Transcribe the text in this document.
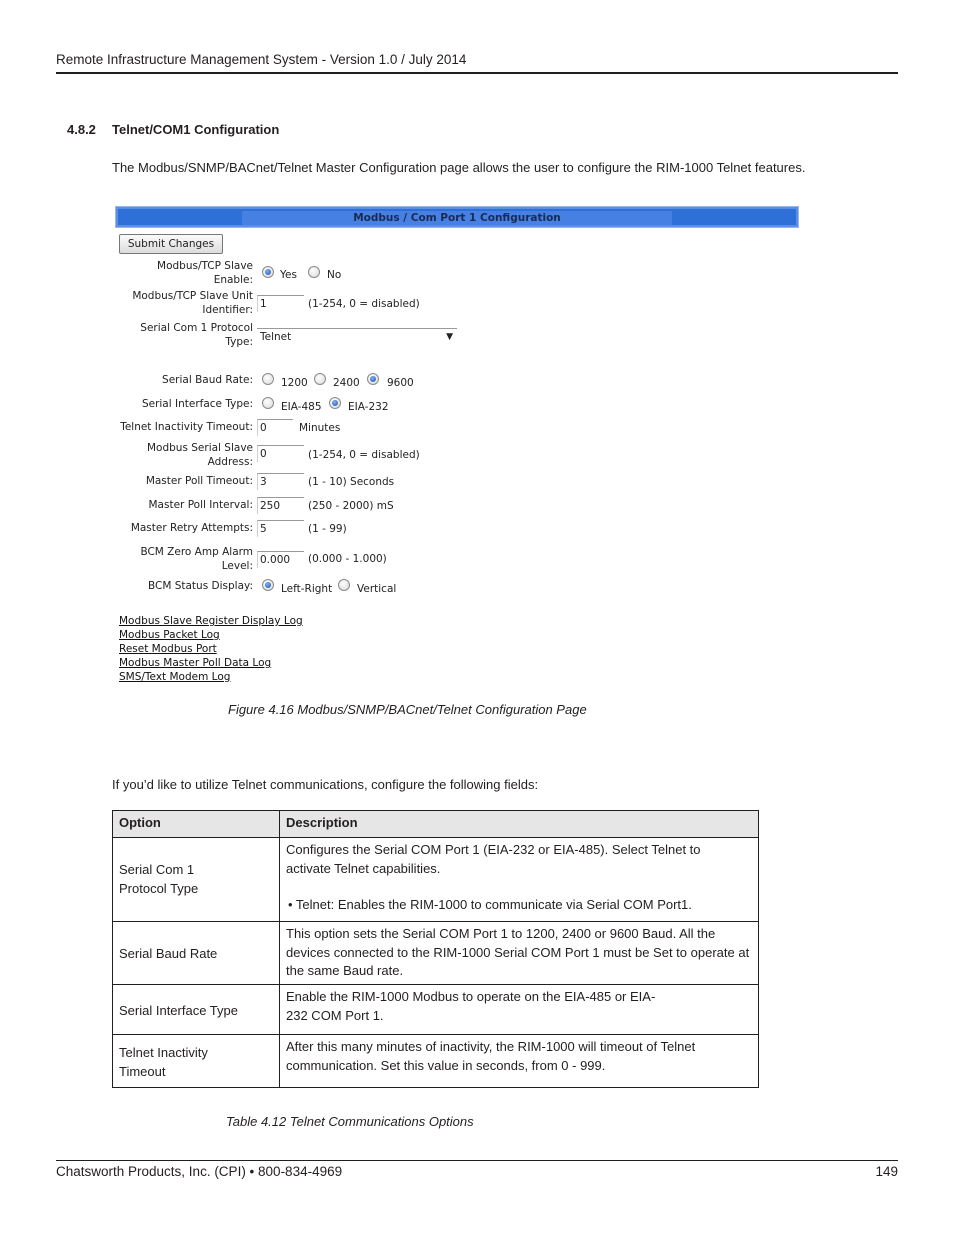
Remote Infrastructure Management System - Version 1.0 / July 2014
4.8.2 Telnet/COM1 Configuration
The Modbus/SNMP/BACnet/Telnet Master Configuration page allows the user to configure the RIM-1000 Telnet features.
Modbus / Com Port 1 Configuration
Submit Changes
Modbus/TCP Slave Enable:	Yes	No
Modbus/TCP Slave Unit Identifier: 1	(1-254, 0 = disabled)
Serial Com 1 Protocol Type: Telnet	▼
Serial Baud Rate:	1200 2400	9600
Serial Interface Type:	EIA-485	EIA-232
Telnet Inactivity Timeout: 0	Minutes
Modbus Serial Slave Address:
0	(1-254, 0 = disabled)
Master Poll Timeout: 3	(1 - 10) Seconds
Master Poll Interval: 250	(250 - 2000) mS
Master Retry Attempts: 5	(1 - 99)
BCM Zero Amp Alarm Level: 0.000	(0.000 - 1.000)
BCM Status Display:	Left-Right Vertical
Modbus Slave Register Display Log
Modbus Packet Log
Reset Modbus Port
Modbus Master Poll Data Log
SMS/Text Modem Log
Figure 4.16 Modbus/SNMP/BACnet/Telnet Configuration Page
If you’d like to utilize Telnet communications, configure the following fields:
Option	Description
Serial Com 1
Protocol Type	Configures the Serial COM Port 1 (EIA-232 or EIA-485). Select Telnet to activate Telnet capabilities.
• Telnet: Enables the RIM-1000 to communicate via Serial COM Port1.

Serial Baud Rate	This option sets the Serial COM Port 1 to 1200, 2400 or 9600 Baud. All the devices connected to the RIM-1000 Serial COM Port 1 must be Set to operate at the same Baud rate.
Serial Interface Type	Enable the RIM-1000 Modbus to operate on the EIA-485 or EIA-232 COM Port 1.
Telnet Inactivity
Timeout	After this many minutes of inactivity, the RIM-1000 will timeout of Telnet communication. Set this value in seconds, from 0 - 999.
Table 4.12 Telnet Communications Options
Chatsworth Products, Inc. (CPI) • 800-834-4969	149
